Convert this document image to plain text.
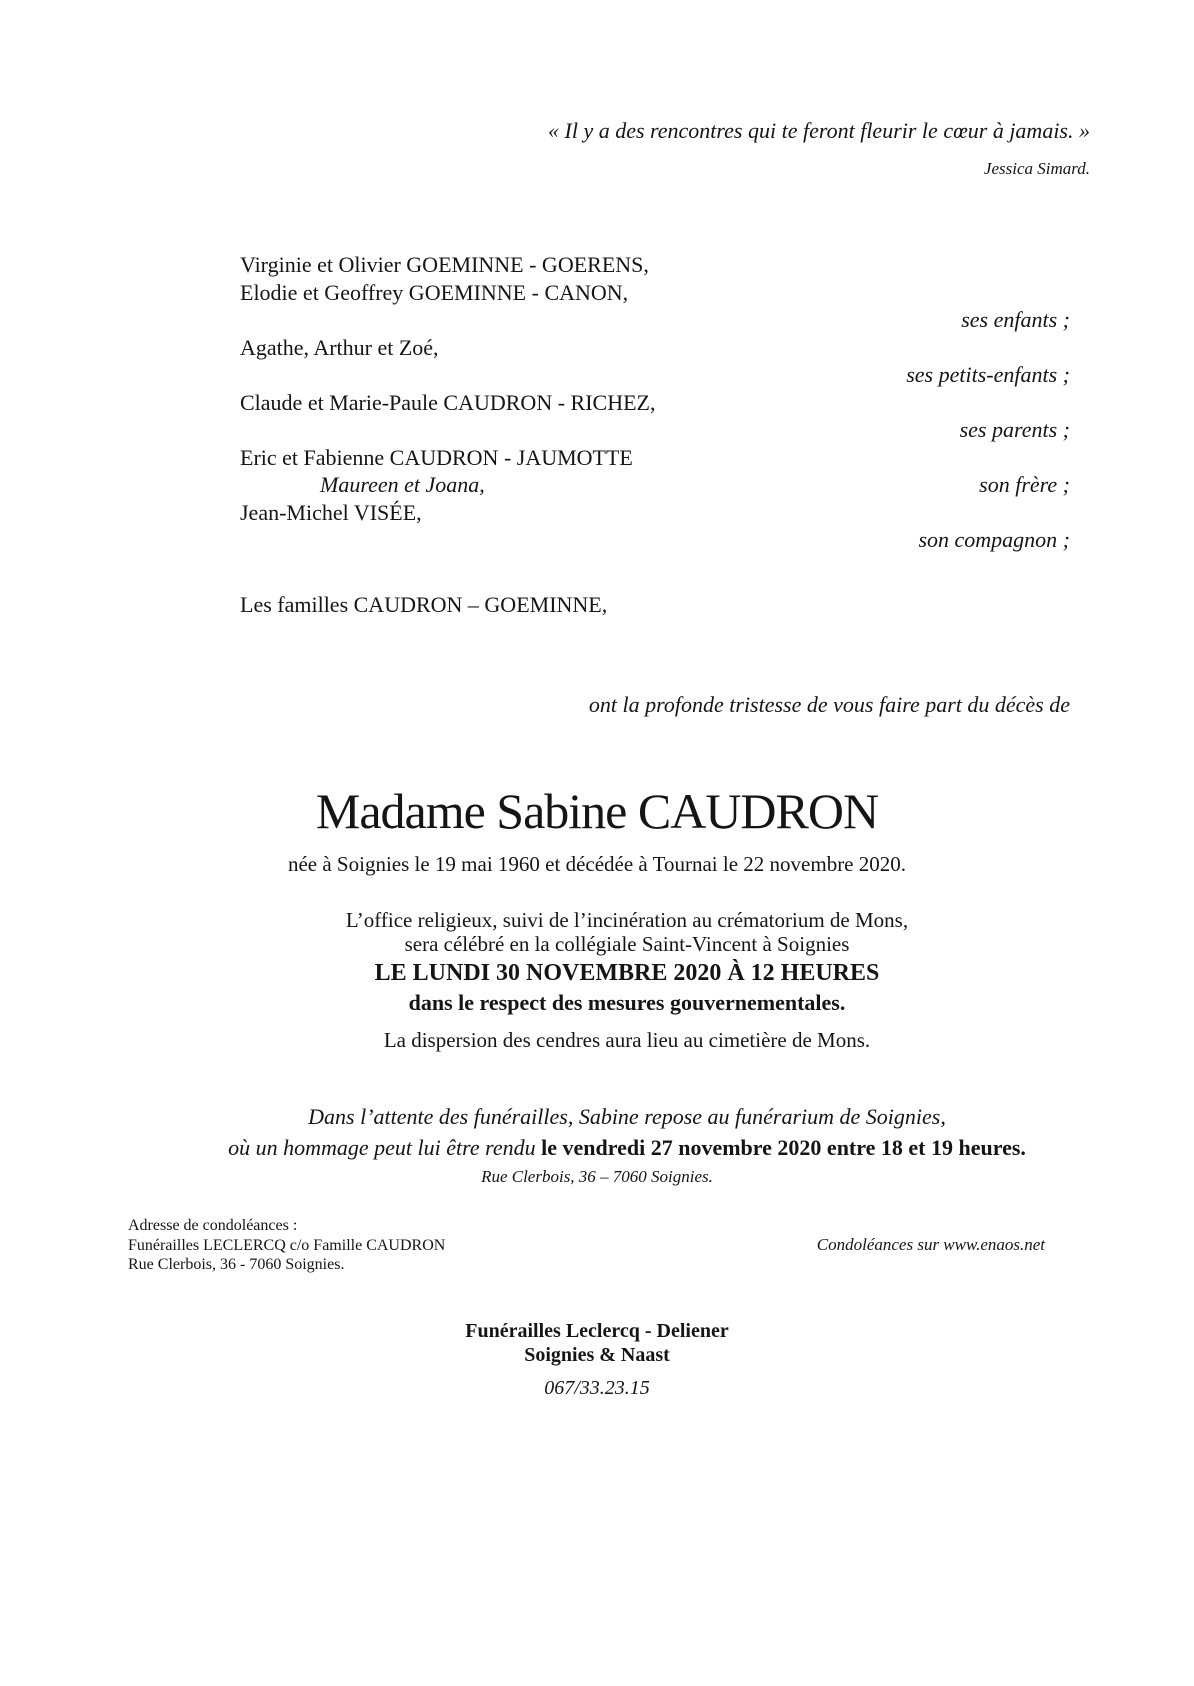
« Il y a des rencontres qui te feront fleurir le cœur à jamais. »
Jessica Simard.
Virginie et Olivier GOEMINNE - GOERENS,
Elodie et Geoffrey GOEMINNE - CANON,
ses enfants ;
Agathe, Arthur et Zoé,
ses petits-enfants ;
Claude et Marie-Paule CAUDRON - RICHEZ,
ses parents ;
Eric et Fabienne CAUDRON - JAUMOTTE
Maureen et Joana,	son frère ;
Jean-Michel VISÉE,
son compagnon ;
Les familles CAUDRON – GOEMINNE,
ont la profonde tristesse de vous faire part du décès de
Madame Sabine CAUDRON
née à Soignies le 19 mai 1960 et décédée à Tournai le 22 novembre 2020.
L’office religieux, suivi de l’incinération au crématorium de Mons,
sera célébré en la collégiale Saint-Vincent à Soignies
LE LUNDI 30 NOVEMBRE 2020 À 12 HEURES
dans le respect des mesures gouvernementales.
La dispersion des cendres aura lieu au cimetière de Mons.
Dans l’attente des funérailles, Sabine repose au funérarium de Soignies,
où un hommage peut lui être rendu le vendredi 27 novembre 2020 entre 18 et 19 heures.
Rue Clerbois, 36 – 7060 Soignies.
Adresse de condoléances :
Funérailles LECLERCQ c/o Famille CAUDRON
Rue Clerbois, 36 - 7060 Soignies.
Condoléances sur www.enaos.net
Funérailles Leclercq - Deliener
Soignies & Naast
067/33.23.15
